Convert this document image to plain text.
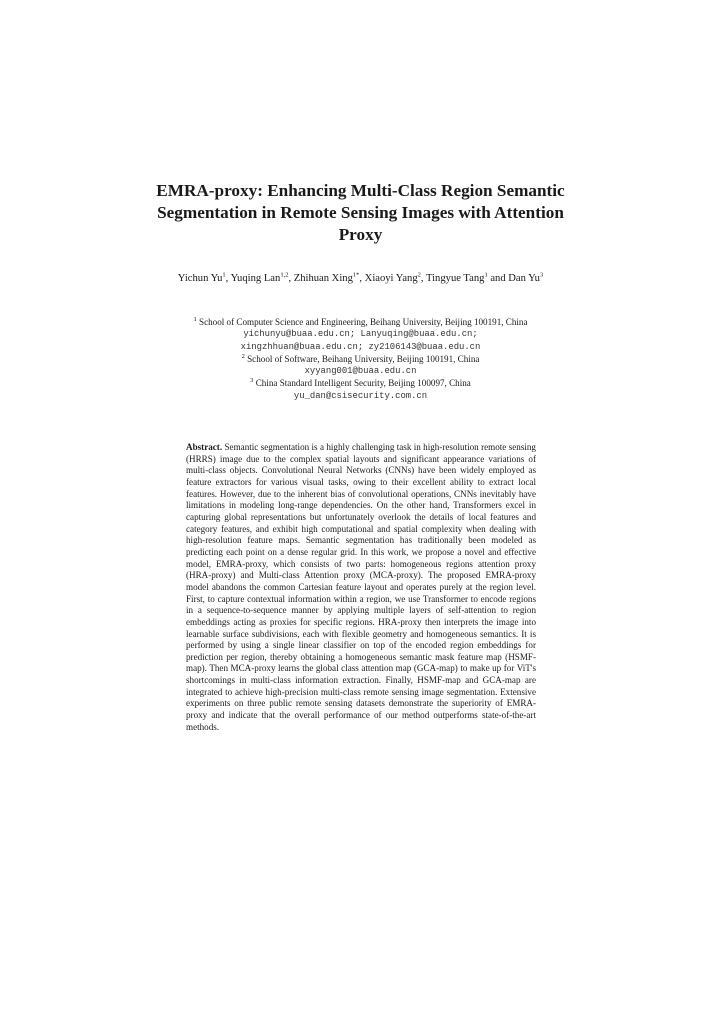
EMRA-proxy: Enhancing Multi-Class Region Semantic Segmentation in Remote Sensing Images with Attention Proxy
Yichun Yu$^1$, Yuqing Lan$^{1,2}$, Zhihuan Xing$^{1*}$, Xiaoyi Yang$^2$, Tingyue Tang$^1$ and Dan Yu$^3$
$^1$ School of Computer Science and Engineering, Beihang University, Beijing 100191, China
yichunyu@buaa.edu.cn; Lanyuqing@buaa.edu.cn;
xingzhhuan@buaa.edu.cn; zy2106143@buaa.edu.cn
$^2$ School of Software, Beihang University, Beijing 100191, China
xyyang001@buaa.edu.cn
$^3$ China Standard Intelligent Security, Beijing 100097, China
yu_dan@csisecurity.com.cn
Abstract. Semantic segmentation is a highly challenging task in high-resolution remote sensing (HRRS) image due to the complex spatial layouts and significant appearance variations of multi-class objects. Convolutional Neural Networks (CNNs) have been widely employed as feature extractors for various visual tasks, owing to their excellent ability to extract local features. However, due to the inherent bias of convolutional operations, CNNs inevitably have limitations in modeling long-range dependencies. On the other hand, Transformers excel in capturing global representations but unfortunately overlook the details of local features and category features, and exhibit high computational and spatial complexity when dealing with high-resolution feature maps. Semantic segmentation has traditionally been modeled as predicting each point on a dense regular grid. In this work, we propose a novel and effective model, EMRA-proxy, which consists of two parts: homogeneous regions attention proxy (HRA-proxy) and Multi-class Attention proxy (MCA-proxy). The proposed EMRA-proxy model abandons the common Cartesian feature layout and operates purely at the region level. First, to capture contextual information within a region, we use Transformer to encode regions in a sequence-to-sequence manner by applying multiple layers of self-attention to region embeddings acting as proxies for specific regions. HRA-proxy then interprets the image into learnable surface subdivisions, each with flexible geometry and homogeneous semantics. It is performed by using a single linear classifier on top of the encoded region embeddings for prediction per region, thereby obtaining a homogeneous semantic mask feature map (HSMF-map). Then MCA-proxy learns the global class attention map (GCA-map) to make up for ViT's shortcomings in multi-class information extraction. Finally, HSMF-map and GCA-map are integrated to achieve high-precision multi-class remote sensing image segmentation. Extensive experiments on three public remote sensing datasets demonstrate the superiority of EMRA-proxy and indicate that the overall performance of our method outperforms state-of-the-art methods.
